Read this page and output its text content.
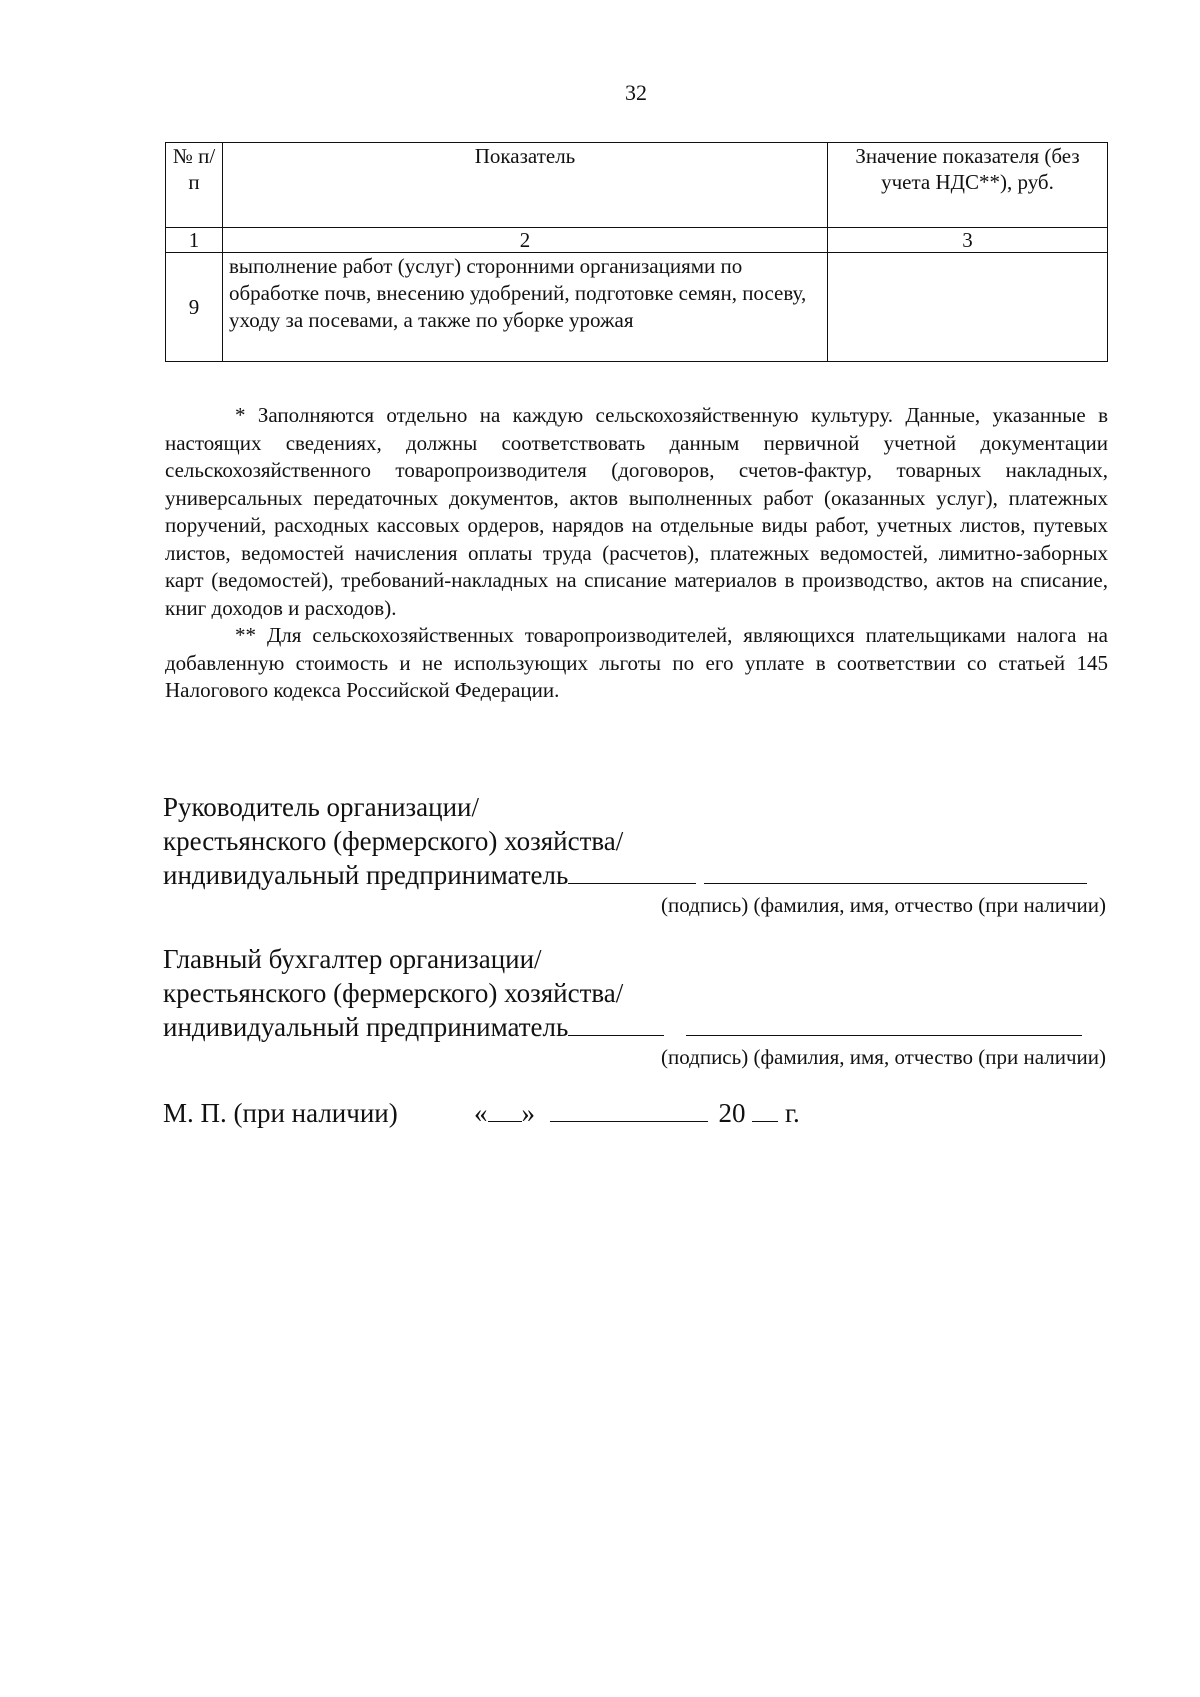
32
№ п/п	Показатель	Значение показателя (без учета НДС**), руб.
1	2	3
9	выполнение работ (услуг) сторонними организациями по обработке почв, внесению удобрений, подготовке семян, посеву, уходу за посевами, а также по уборке урожая	

* Заполняются отдельно на каждую сельскохозяйственную культуру. Данные, указанные в настоящих сведениях, должны соответствовать данным первичной учетной документации сельскохозяйственного товаропроизводителя (договоров, счетов-фактур, товарных накладных, универсальных передаточных документов, актов выполненных работ (оказанных услуг), платежных поручений, расходных кассовых ордеров, нарядов на отдельные виды работ, учетных листов, путевых листов, ведомостей начисления оплаты труда (расчетов), платежных ведомостей, лимитно-заборных карт (ведомостей), требований-накладных на списание материалов в производство, актов на списание, книг доходов и расходов).

** Для сельскохозяйственных товаропроизводителей, являющихся плательщиками налога на добавленную стоимость и не использующих льготы по его уплате в соответствии со статьей 145 Налогового кодекса Российской Федерации.

Руководитель организации/
крестьянского (фермерского) хозяйства/
индивидуальный предприниматель
(подпись) (фамилия, имя, отчество (при наличии)
Главный бухгалтер организации/
крестьянского (фермерского) хозяйства/
индивидуальный предприниматель
(подпись) (фамилия, имя, отчество (при наличии)
М. П. (при наличии)	« »	20 г.
